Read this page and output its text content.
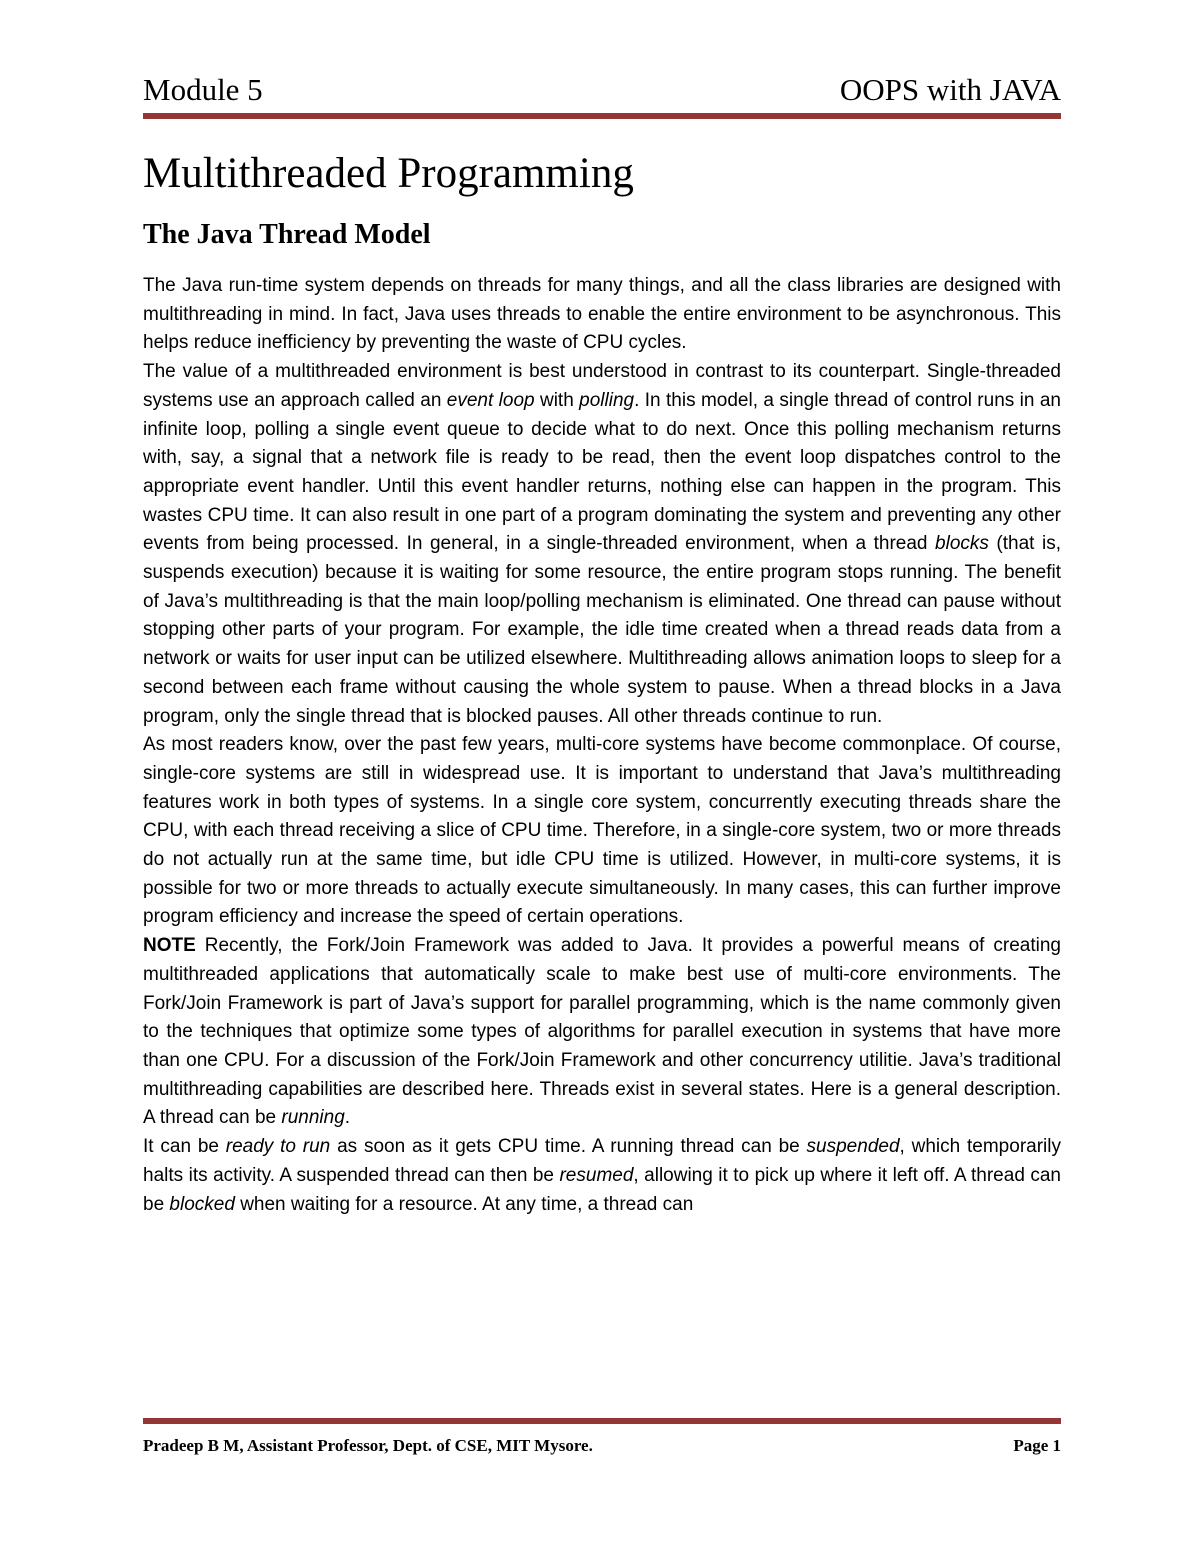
Module 5	OOPS with JAVA
Multithreaded Programming
The Java Thread Model

The Java run-time system depends on threads for many things, and all the class libraries are designed with multithreading in mind. In fact, Java uses threads to enable the entire environment to be asynchronous. This helps reduce inefficiency by preventing the waste of CPU cycles.

The value of a multithreaded environment is best understood in contrast to its counterpart. Single-threaded systems use an approach called an event loop with polling. In this model, a single thread of control runs in an infinite loop, polling a single event queue to decide what to do next. Once this polling mechanism returns with, say, a signal that a network file is ready to be read, then the event loop dispatches control to the appropriate event handler. Until this event handler returns, nothing else can happen in the program. This wastes CPU time. It can also result in one part of a program dominating the system and preventing any other events from being processed. In general, in a single-threaded environment, when a thread blocks (that is, suspends execution) because it is waiting for some resource, the entire program stops running. The benefit of Java’s multithreading is that the main loop/polling mechanism is eliminated. One thread can pause without stopping other parts of your program. For example, the idle time created when a thread reads data from a network or waits for user input can be utilized elsewhere. Multithreading allows animation loops to sleep for a second between each frame without causing the whole system to pause. When a thread blocks in a Java program, only the single thread that is blocked pauses. All other threads continue to run.

As most readers know, over the past few years, multi-core systems have become commonplace. Of course, single-core systems are still in widespread use. It is important to understand that Java’s multithreading features work in both types of systems. In a single core system, concurrently executing threads share the CPU, with each thread receiving a slice of CPU time. Therefore, in a single-core system, two or more threads do not actually run at the same time, but idle CPU time is utilized. However, in multi-core systems, it is possible for two or more threads to actually execute simultaneously. In many cases, this can further improve program efficiency and increase the speed of certain operations.

NOTE Recently, the Fork/Join Framework was added to Java. It provides a powerful means of creating multithreaded applications that automatically scale to make best use of multi-core environments. The Fork/Join Framework is part of Java’s support for parallel programming, which is the name commonly given to the techniques that optimize some types of algorithms for parallel execution in systems that have more than one CPU. For a discussion of the Fork/Join Framework and other concurrency utilitie. Java’s traditional multithreading capabilities are described here. Threads exist in several states. Here is a general description. A thread can be running.

It can be ready to run as soon as it gets CPU time. A running thread can be suspended, which temporarily halts its activity. A suspended thread can then be resumed, allowing it to pick up where it left off. A thread can be blocked when waiting for a resource. At any time, a thread can

Pradeep B M, Assistant Professor, Dept. of CSE, MIT Mysore.	Page 1
